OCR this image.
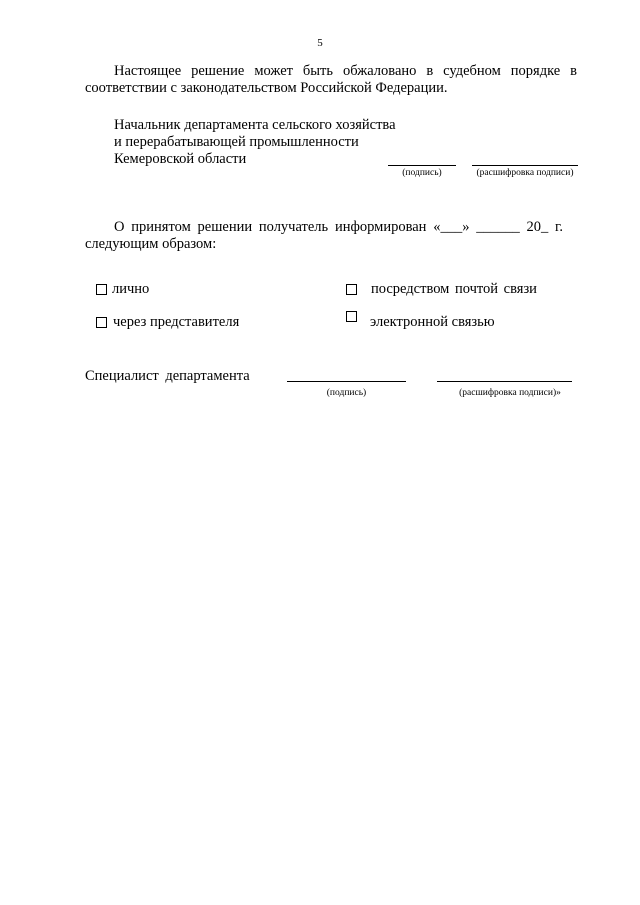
5
Настоящее решение может быть обжаловано в судебном порядке в
соответствии с законодательством Российской Федерации.
Начальник департамента сельского хозяйства
и перерабатывающей промышленности
Кемеровской области
(подпись)	(расшифровка подписи)
О принятом решении получатель информирован «___» ______ 20_ г.
следующим образом:
лично	посредством почтой связи
через представителя	электронной связью
Специалист департамента
(подпись)	(расшифровка подписи)»
